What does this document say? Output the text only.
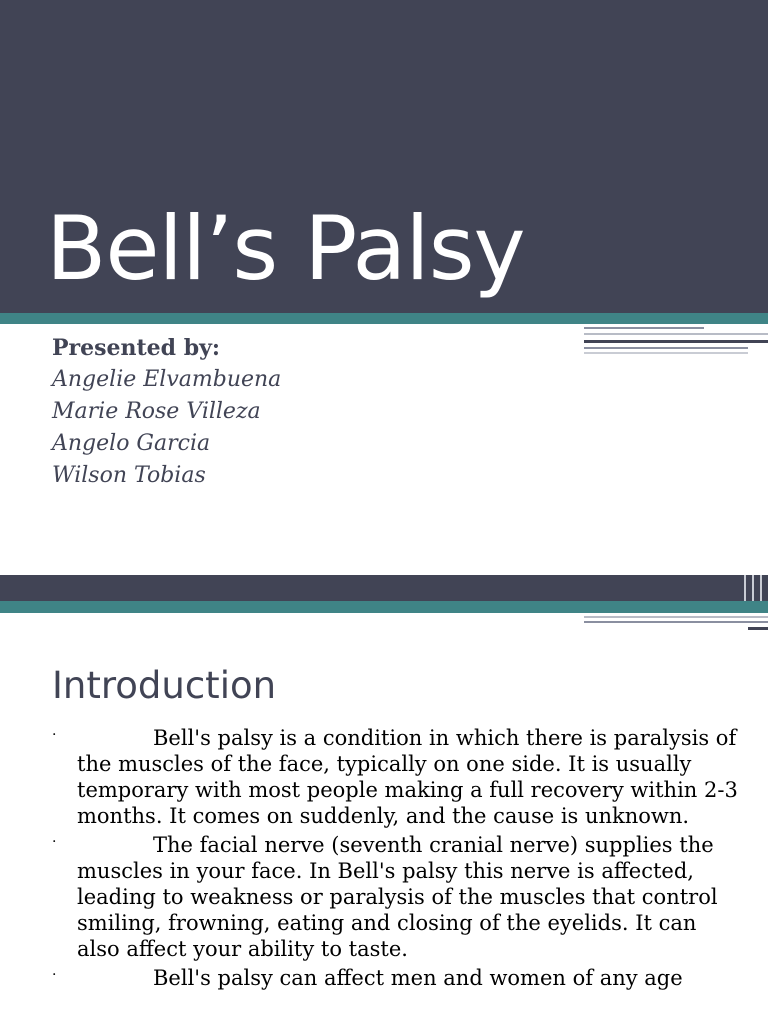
Bell’s Palsy
Presented by:
Angelie Elvambuena
Marie Rose Villeza
Angelo Garcia
Wilson Tobias
Introduction
·	Bell's palsy is a condition in which there is paralysis of the muscles of the face, typically on one side. It is usually temporary with most people making a full recovery within 2-3 months. It comes on suddenly, and the cause is unknown.
·	The facial nerve (seventh cranial nerve) supplies the muscles in your face. In Bell's palsy this nerve is affected, leading to weakness or paralysis of the muscles that control smiling, frowning, eating and closing of the eyelids. It can also affect your ability to taste.
·	Bell's palsy can affect men and women of any age
